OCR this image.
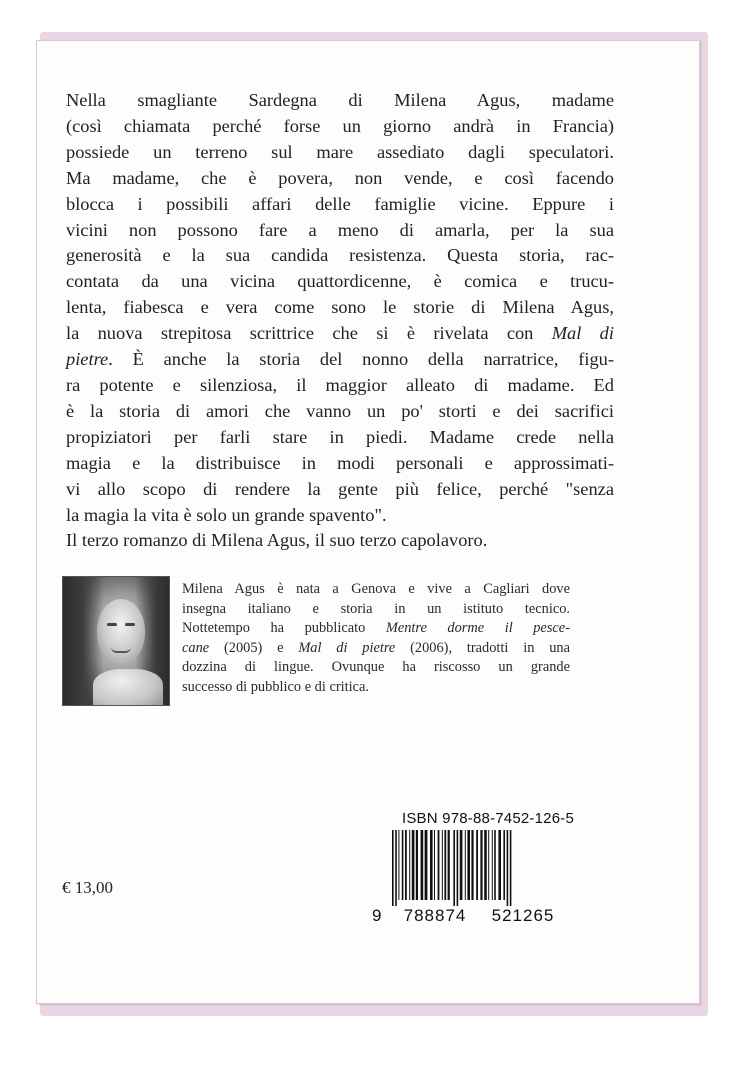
Nella smagliante Sardegna di Milena Agus, madame
(così chiamata perché forse un giorno andrà in Francia)
possiede un terreno sul mare assediato dagli speculatori.
Ma madame, che è povera, non vende, e così facendo
blocca i possibili affari delle famiglie vicine. Eppure i
vicini non possono fare a meno di amarla, per la sua
generosità e la sua candida resistenza. Questa storia, rac-
contata da una vicina quattordicenne, è comica e trucu-
lenta, fiabesca e vera come sono le storie di Milena Agus,
la nuova strepitosa scrittrice che si è rivelata con Mal di
pietre. È anche la storia del nonno della narratrice, figu-
ra potente e silenziosa, il maggior alleato di madame. Ed
è la storia di amori che vanno un po' storti e dei sacrifici
propiziatori per farli stare in piedi. Madame crede nella
magia e la distribuisce in modi personali e approssimati-
vi allo scopo di rendere la gente più felice, perché "senza
la magia la vita è solo un grande spavento".
Il terzo romanzo di Milena Agus, il suo terzo capolavoro.
Milena Agus è nata a Genova e vive a Cagliari dove
insegna italiano e storia in un istituto tecnico.
Nottetempo ha pubblicato Mentre dorme il pesce-
cane (2005) e Mal di pietre (2006), tradotti in una
dozzina di lingue. Ovunque ha riscosso un grande
successo di pubblico e di critica.
€ 13,00
ISBN 978-88-7452-126-5
9	788874	521265
